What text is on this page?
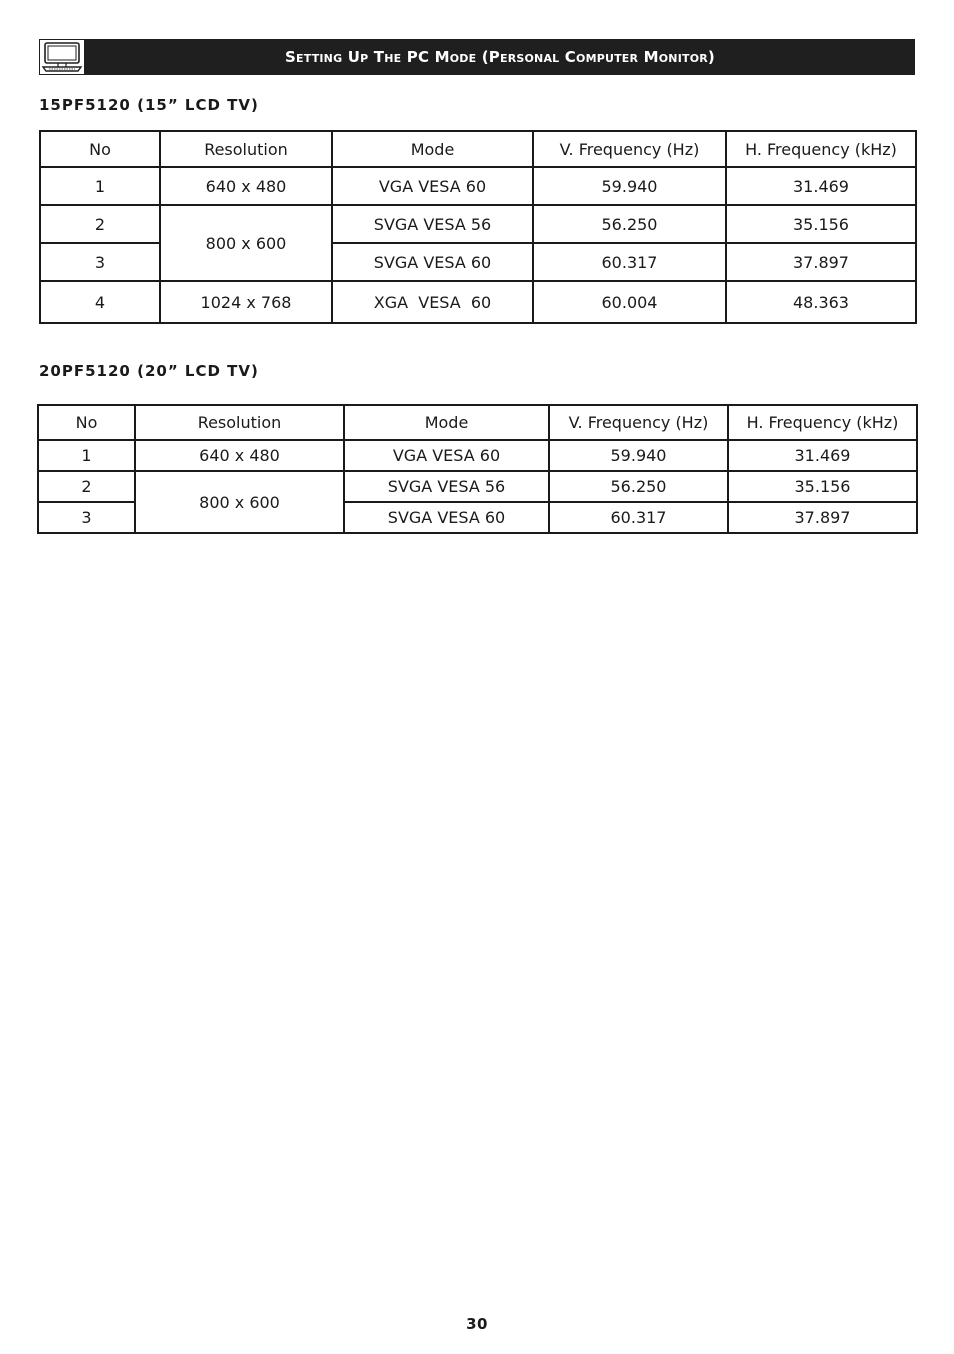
Setting Up The PC Mode (Personal Computer Monitor)
15PF5120 (15” LCD TV)
No	Resolution	Mode	V. Frequency (Hz)	H. Frequency (kHz)
1	640 x 480	VGA VESA 60	59.940	31.469
2	800 x 600	SVGA VESA 56	56.250	35.156
3		SVGA VESA 60	60.317	37.897
4	1024 x 768	XGA  VESA  60	60.004	48.363
20PF5120 (20” LCD TV)
No	Resolution	Mode	V. Frequency (Hz)	H. Frequency (kHz)
1	640 x 480	VGA VESA 60	59.940	31.469
2	800 x 600	SVGA VESA 56	56.250	35.156
3		SVGA VESA 60	60.317	37.897
30
